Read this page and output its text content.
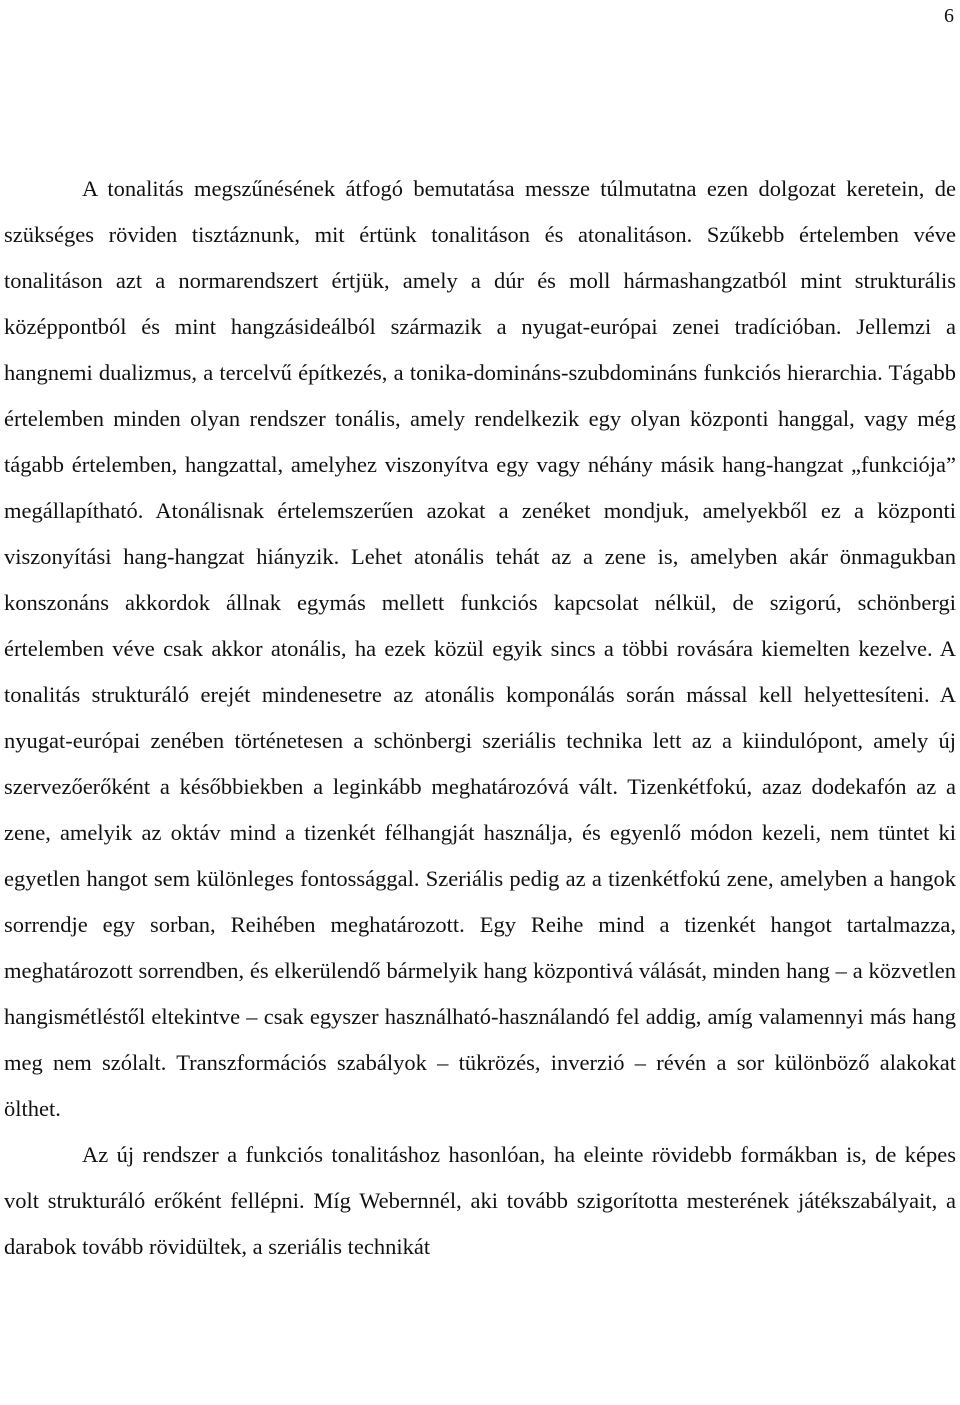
6

A tonalitás megszűnésének átfogó bemutatása messze túlmutatna ezen dolgozat keretein, de szükséges röviden tisztáznunk, mit értünk tonalitáson és atonalitáson. Szűkebb értelemben véve tonalitáson azt a normarendszert értjük, amely a dúr és moll hármashangzatból mint strukturális középpontból és mint hangzásideálból származik a nyugat-európai zenei tradícióban. Jellemzi a hangnemi dualizmus, a tercelvű építkezés, a tonika-domináns-szubdomináns funkciós hierarchia. Tágabb értelemben minden olyan rendszer tonális, amely rendelkezik egy olyan központi hanggal, vagy még tágabb értelemben, hangzattal, amelyhez viszonyítva egy vagy néhány másik hang-hangzat „funkciója” megállapítható. Atonálisnak értelemszerűen azokat a zenéket mondjuk, amelyekből ez a központi viszonyítási hang-hangzat hiányzik. Lehet atonális tehát az a zene is, amelyben akár önmagukban konszonáns akkordok állnak egymás mellett funkciós kapcsolat nélkül, de szigorú, schönbergi értelemben véve csak akkor atonális, ha ezek közül egyik sincs a többi rovására kiemelten kezelve. A tonalitás strukturáló erejét mindenesetre az atonális komponálás során mással kell helyettesíteni. A nyugat-európai zenében történetesen a schönbergi szeriális technika lett az a kiindulópont, amely új szervezőerőként a későbbiekben a leginkább meghatározóvá vált. Tizenkétfokú, azaz dodekafón az a zene, amelyik az oktáv mind a tizenkét félhangját használja, és egyenlő módon kezeli, nem tüntet ki egyetlen hangot sem különleges fontossággal. Szeriális pedig az a tizenkétfokú zene, amelyben a hangok sorrendje egy sorban, Reihében meghatározott. Egy Reihe mind a tizenkét hangot tartalmazza, meghatározott sorrendben, és elkerülendő bármelyik hang központivá válását, minden hang – a közvetlen hangismétléstől eltekintve – csak egyszer használható-használandó fel addig, amíg valamennyi más hang meg nem szólalt. Transzformációs szabályok – tükrözés, inverzió – révén a sor különböző alakokat ölthet.

Az új rendszer a funkciós tonalitáshoz hasonlóan, ha eleinte rövidebb formákban is, de képes volt strukturáló erőként fellépni. Míg Webernnél, aki tovább szigorította mesterének játékszabályait, a darabok tovább rövidültek, a szeriális technikát
